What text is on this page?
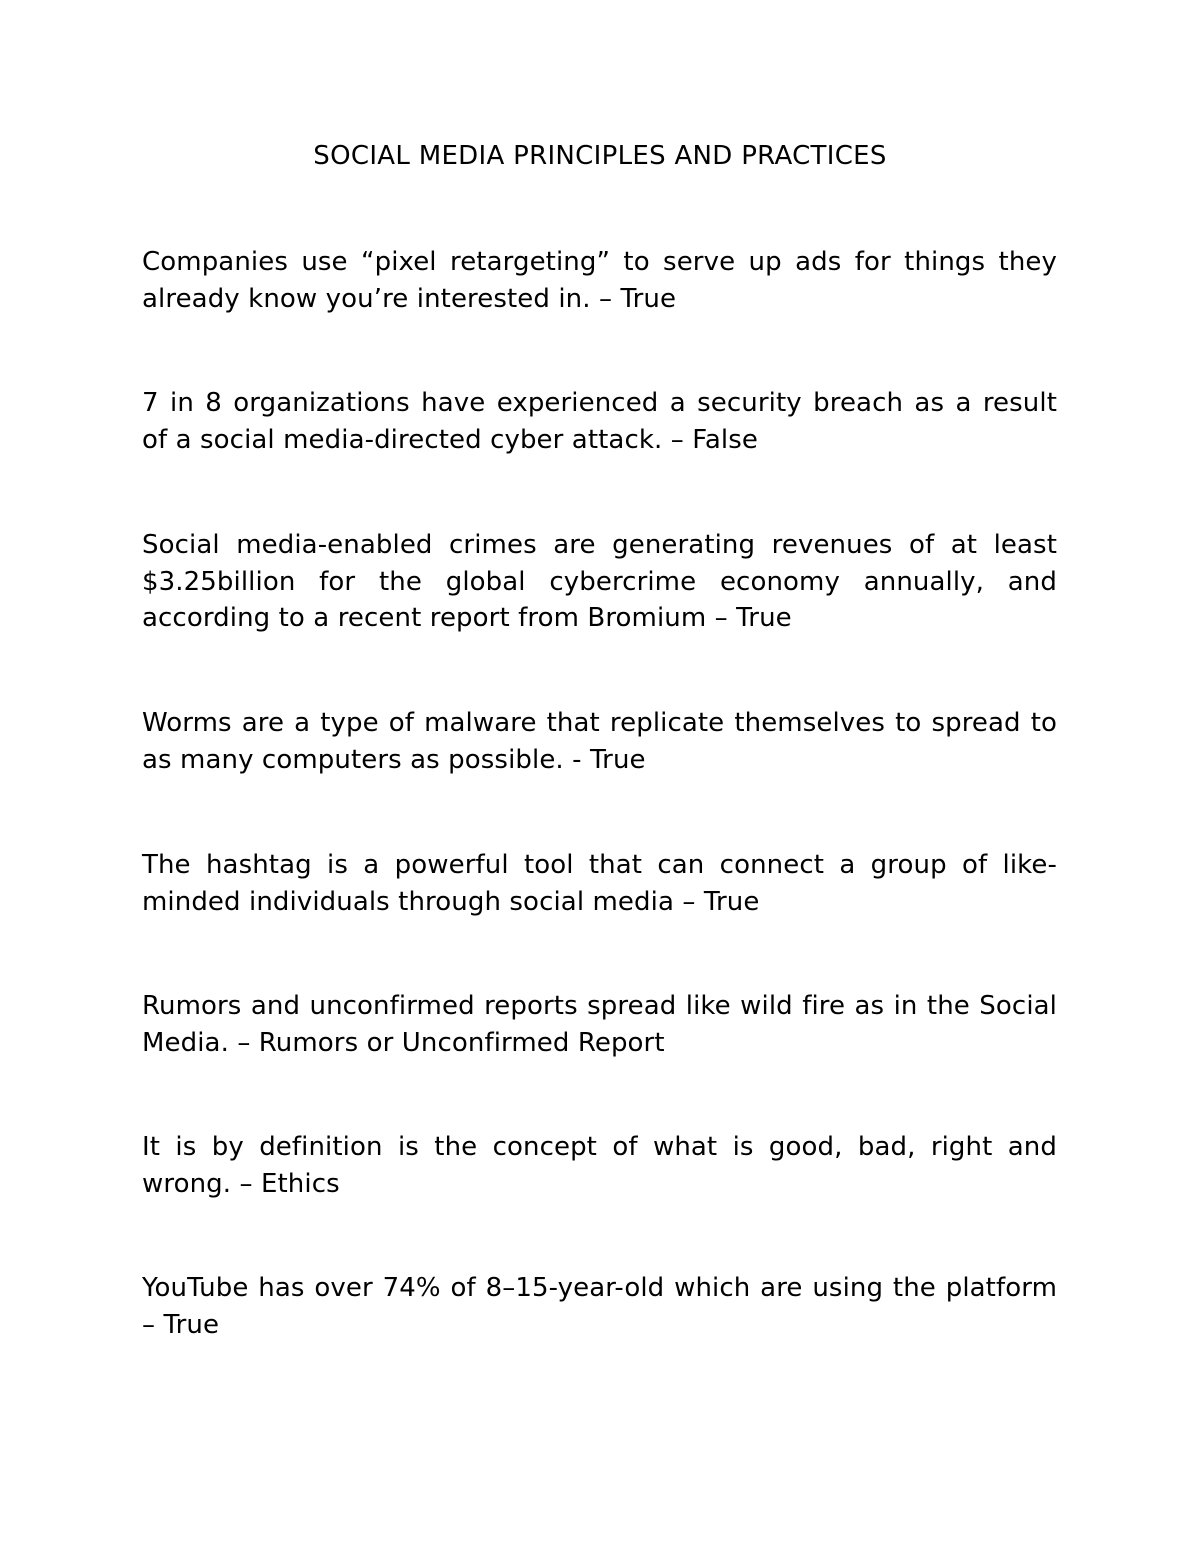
SOCIAL MEDIA PRINCIPLES AND PRACTICES

Companies use “pixel retargeting” to serve up ads for things they already know you’re interested in. – True

7 in 8 organizations have experienced a security breach as a result of a social media-directed cyber attack. – False

Social media-enabled crimes are generating revenues of at least $3.25billion for the global cybercrime economy annually, and according to a recent report from Bromium – True

Worms are a type of malware that replicate themselves to spread to as many computers as possible. - True

The hashtag is a powerful tool that can connect a group of like-minded individuals through social media – True

Rumors and unconfirmed reports spread like wild fire as in the Social Media. – Rumors or Unconfirmed Report

It is by definition is the concept of what is good, bad, right and wrong. – Ethics

YouTube has over 74% of 8–15-year-old which are using the platform – True
